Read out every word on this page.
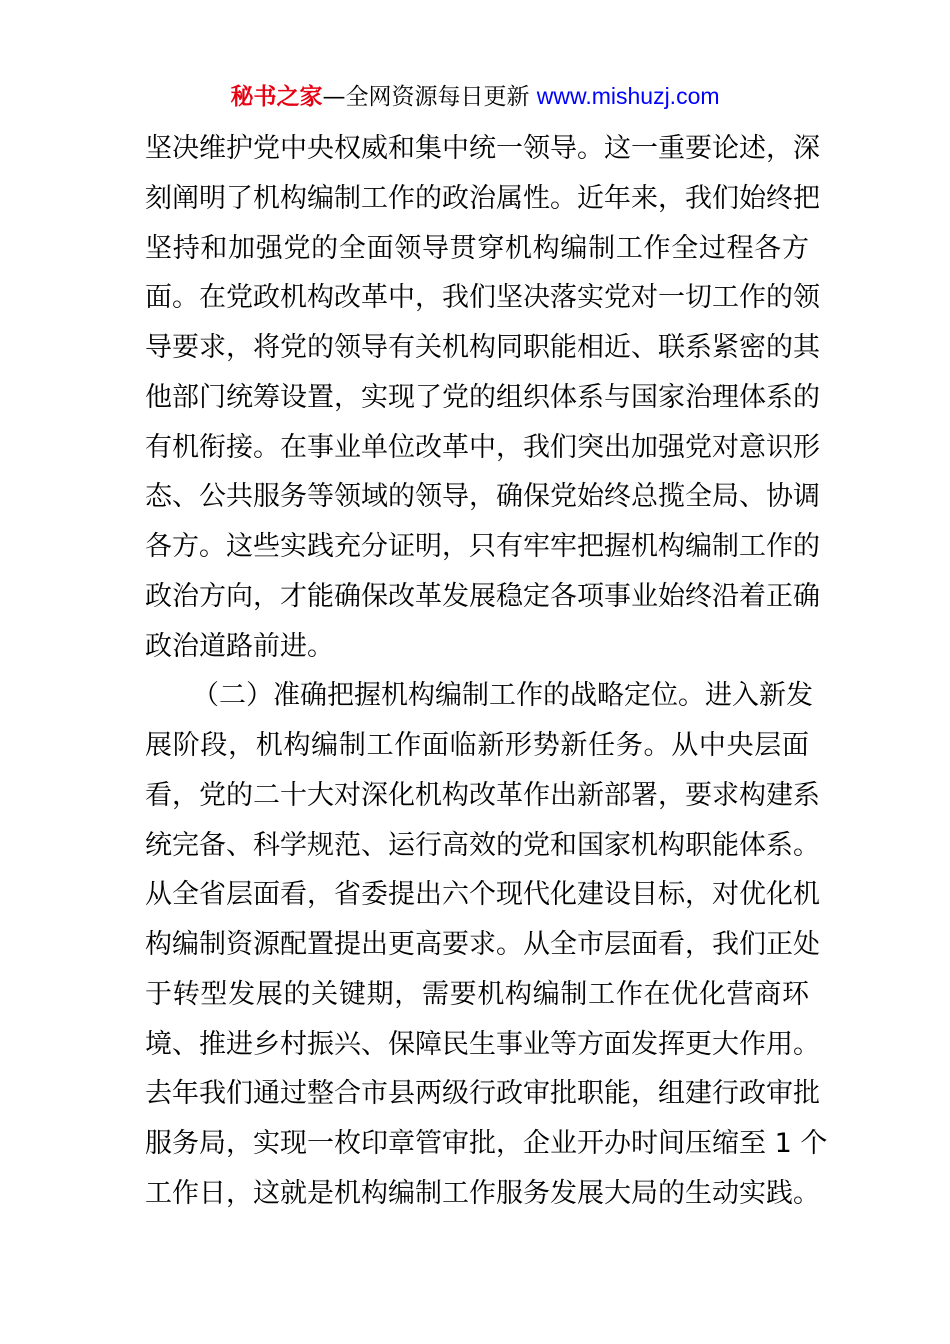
秘书之家—全网资源每日更新 www.mishuzj.com
坚决维护党中央权威和集中统一领导。这一重要论述，深
刻阐明了机构编制工作的政治属性。近年来，我们始终把
坚持和加强党的全面领导贯穿机构编制工作全过程各方
面。在党政机构改革中，我们坚决落实党对一切工作的领
导要求，将党的领导有关机构同职能相近、联系紧密的其
他部门统筹设置，实现了党的组织体系与国家治理体系的
有机衔接。在事业单位改革中，我们突出加强党对意识形
态、公共服务等领域的领导，确保党始终总揽全局、协调
各方。这些实践充分证明，只有牢牢把握机构编制工作的
政治方向，才能确保改革发展稳定各项事业始终沿着正确
政治道路前进。
（二）准确把握机构编制工作的战略定位。进入新发
展阶段，机构编制工作面临新形势新任务。从中央层面
看，党的二十大对深化机构改革作出新部署，要求构建系
统完备、科学规范、运行高效的党和国家机构职能体系。
从全省层面看，省委提出六个现代化建设目标，对优化机
构编制资源配置提出更高要求。从全市层面看，我们正处
于转型发展的关键期，需要机构编制工作在优化营商环
境、推进乡村振兴、保障民生事业等方面发挥更大作用。
去年我们通过整合市县两级行政审批职能，组建行政审批
服务局，实现一枚印章管审批，企业开办时间压缩至 1 个
工作日，这就是机构编制工作服务发展大局的生动实践。
